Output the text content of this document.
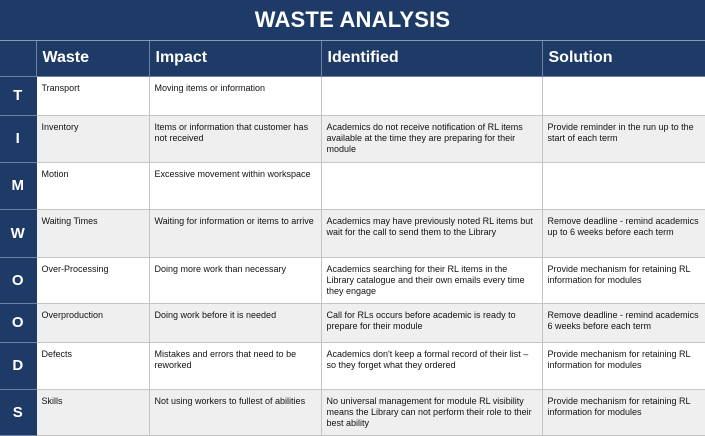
WASTE ANALYSIS
	Waste	Impact	Identified	Solution
T	Transport	Moving items or information		
I	Inventory	Items or information that customer has not received	Academics do not receive notification of RL items available at the time they are preparing for their module	Provide reminder in the run up to the start of each term
M	Motion	Excessive movement within workspace		
W	Waiting Times	Waiting for information or items to arrive	Academics may have previously noted RL items but wait for the call to send them to the Library	Remove deadline - remind academics up to 6 weeks before each term
O	Over-Processing	Doing more work than necessary	Academics searching for their RL items in the Library catalogue and their own emails every time they engage	Provide mechanism for retaining RL information for modules
O	Overproduction	Doing work before it is needed	Call for RLs occurs before academic is ready to prepare for their module	Remove deadline - remind academics 6 weeks before each term
D	Defects	Mistakes and errors that need to be reworked	Academics don't keep a formal record of their list – so they forget what they ordered	Provide mechanism for retaining RL information for modules
S	Skills	Not using workers to fullest of abilities	No universal management for module RL visibility means the Library can not perform their role to their best ability	Provide mechanism for retaining RL information for modules
